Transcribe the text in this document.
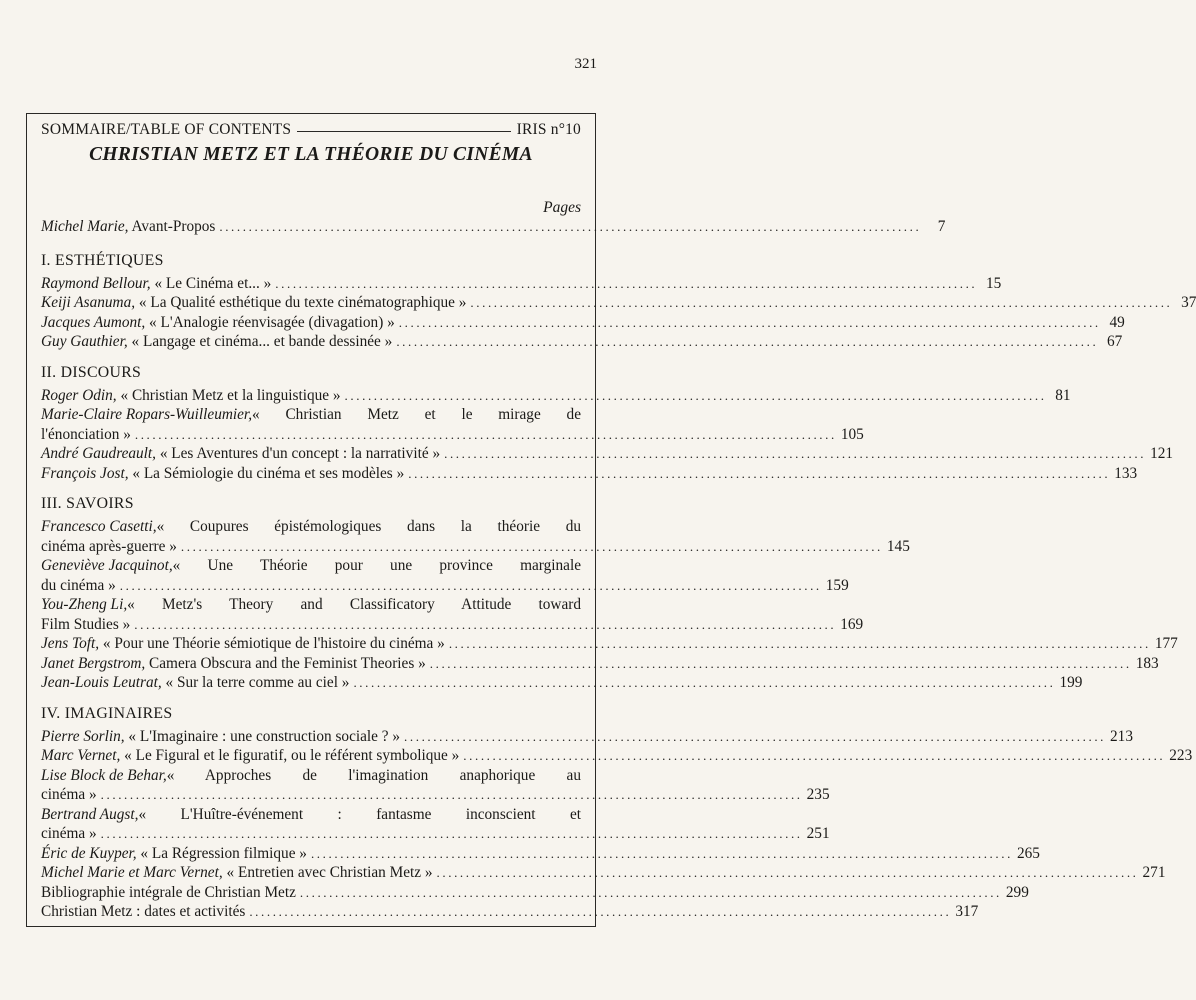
321
SOMMAIRE/TABLE OF CONTENTS	IRIS n°10
CHRISTIAN METZ ET LA THÉORIE DU CINÉMA
Pages
Michel Marie, Avant-Propos ........................................................................................................................	7
I. ESTHÉTIQUES
Raymond Bellour, « Le Cinéma et... » ........................................................................................................................ 15
Keiji Asanuma, « La Qualité esthétique du texte cinématographique » ........................................................................................................................ 37
Jacques Aumont, « L'Analogie réenvisagée (divagation) » ........................................................................................................................ 49
Guy Gauthier, « Langage et cinéma... et bande dessinée » ........................................................................................................................ 67
II. DISCOURS
Roger Odin, « Christian Metz et la linguistique » ........................................................................................................................ 81
Marie-Claire Ropars-Wuilleumier, « Christian Metz et le mirage de
l'énonciation » ........................................................................................................................ 105
André Gaudreault, « Les Aventures d'un concept : la narrativité » ........................................................................................................................ 121
François Jost, « La Sémiologie du cinéma et ses modèles » ........................................................................................................................ 133
III. SAVOIRS
Francesco Casetti, « Coupures épistémologiques dans la théorie du
cinéma après-guerre » ........................................................................................................................ 145
Geneviève Jacquinot, « Une Théorie pour une province marginale
du cinéma » ........................................................................................................................ 159
You-Zheng Li, « Metz's Theory and Classificatory Attitude toward
Film Studies » ........................................................................................................................ 169
Jens Toft, « Pour une Théorie sémiotique de l'histoire du cinéma » ........................................................................................................................ 177
Janet Bergstrom, Camera Obscura and the Feminist Theories » ........................................................................................................................ 183
Jean-Louis Leutrat, « Sur la terre comme au ciel » ........................................................................................................................ 199
IV. IMAGINAIRES
Pierre Sorlin, « L'Imaginaire : une construction sociale ? » ........................................................................................................................ 213
Marc Vernet, « Le Figural et le figuratif, ou le référent symbolique » ........................................................................................................................ 223
Lise Block de Behar, « Approches de l'imagination anaphorique au
cinéma » ........................................................................................................................ 235
Bertrand Augst, « L'Huître-événement : fantasme inconscient et
cinéma » ........................................................................................................................ 251
Éric de Kuyper, « La Régression filmique » ........................................................................................................................ 265
Michel Marie et Marc Vernet, « Entretien avec Christian Metz » ........................................................................................................................ 271
Bibliographie intégrale de Christian Metz ........................................................................................................................ 299
Christian Metz : dates et activités ........................................................................................................................ 317
